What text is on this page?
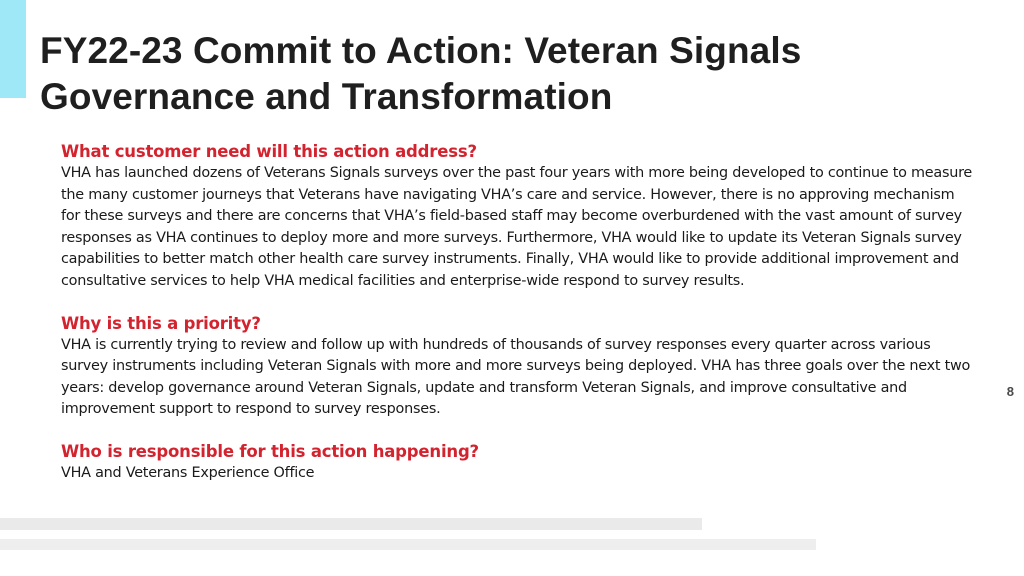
FY22-23 Commit to Action: Veteran Signals Governance and Transformation

What customer need will this action address?

VHA has launched dozens of Veterans Signals surveys over the past four years with more being developed to continue to measure the many customer journeys that Veterans have navigating VHA’s care and service. However, there is no approving mechanism for these surveys and there are concerns that VHA’s field-based staff may become overburdened with the vast amount of survey responses as VHA continues to deploy more and more surveys. Furthermore, VHA would like to update its Veteran Signals survey capabilities to better match other health care survey instruments. Finally, VHA would like to provide additional improvement and consultative services to help VHA medical facilities and enterprise-wide respond to survey results.

Why is this a priority?

VHA is currently trying to review and follow up with hundreds of thousands of survey responses every quarter across various survey instruments including Veteran Signals with more and more surveys being deployed. VHA has three goals over the next two years: develop governance around Veteran Signals, update and transform Veteran Signals, and improve consultative and improvement support to respond to survey responses.

Who is responsible for this action happening?

VHA and Veterans Experience Office

8
